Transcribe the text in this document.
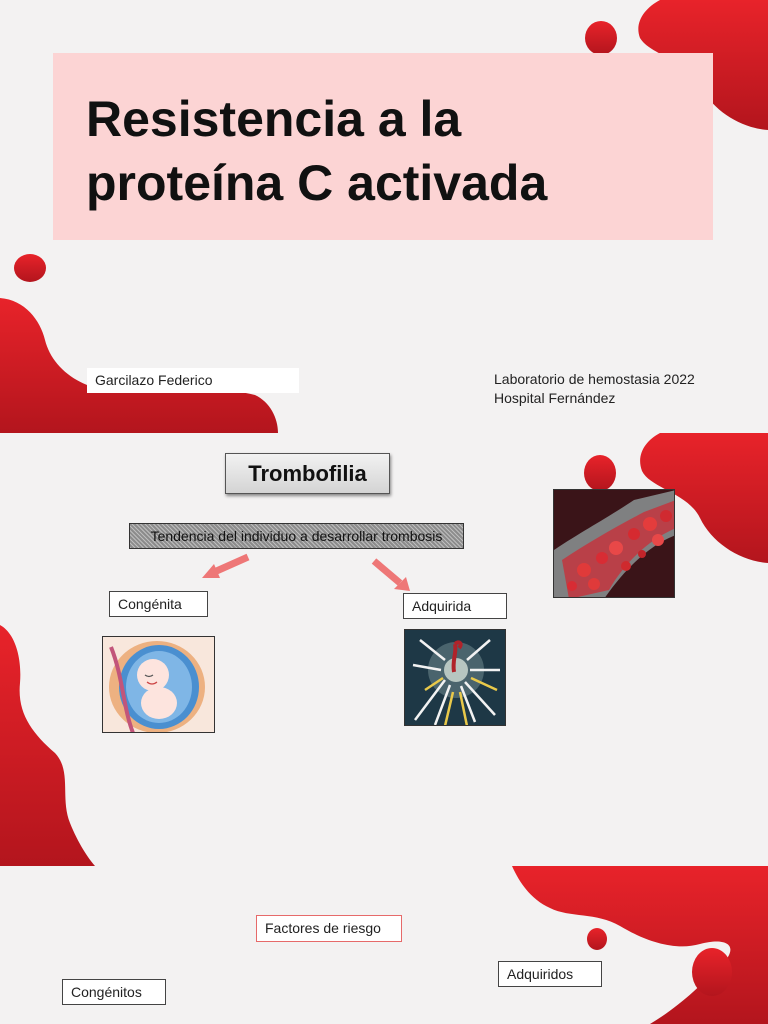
Resistencia a la
proteína C activada
Garcilazo Federico	Laboratorio de hemostasia 2022
Hospital Fernández
Trombofilia
Tendencia del individuo a desarrollar trombosis
Congénita	Adquirida
Factores de riesgo
Congénitos
Adquiridos
